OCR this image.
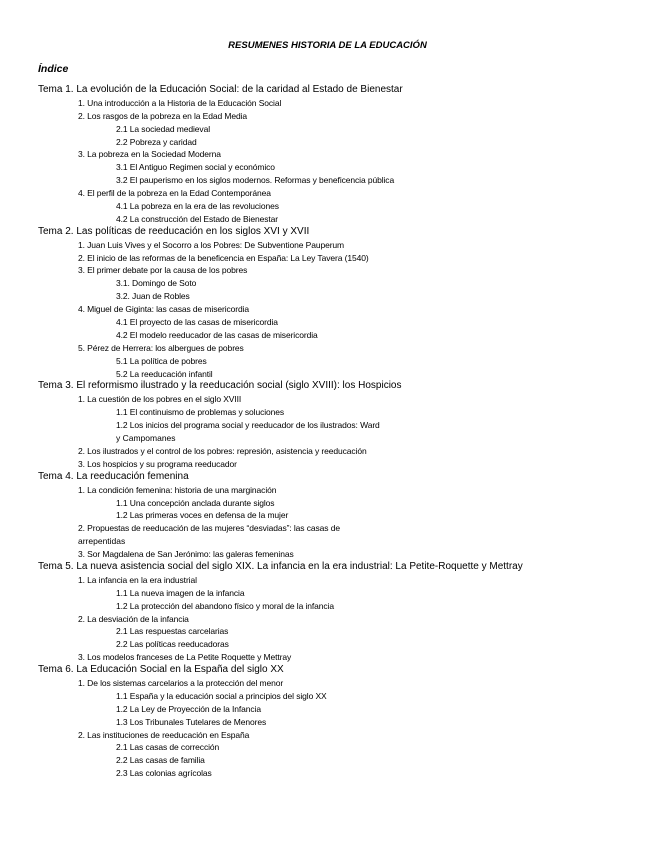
RESUMENES HISTORIA DE LA EDUCACIÓN
Índice
Tema 1. La evolución de la Educación Social: de la caridad al Estado de Bienestar
1. Una introducción a la Historia de la Educación Social
2. Los rasgos de la pobreza en la Edad Media
2.1 La sociedad medieval
2.2 Pobreza y caridad
3. La pobreza en la Sociedad Moderna
3.1 El Antiguo Regimen social y económico
3.2 El pauperismo en los siglos modernos. Reformas y beneficencia pública
4. El perfil de la pobreza en la Edad Contemporánea
4.1 La pobreza en la era de las revoluciones
4.2 La construcción del Estado de Bienestar
Tema 2. Las políticas de reeducación en los siglos XVI y XVII
1. Juan Luis Vives y el Socorro a los Pobres: De Subventione Pauperum
2. El inicio de las reformas de la beneficencia en España: La Ley Tavera (1540)
3. El primer debate por la causa de los pobres
3.1. Domingo de Soto
3.2. Juan de Robles
4. Miguel de Giginta: las casas de misericordia
4.1 El proyecto de las casas de misericordia
4.2 El modelo reeducador de las casas de misericordia
5. Pérez de Herrera: los albergues de pobres
5.1 La política de pobres
5.2 La reeducación infantil
Tema 3. El reformismo ilustrado y la reeducación social (siglo XVIII): los Hospicios
1. La cuestión de los pobres en el siglo XVIII
1.1 El continuismo de problemas y soluciones
1.2 Los inicios del programa social y reeducador de los ilustrados: Ward
y Campomanes
2. Los ilustrados y el control de los pobres: represión, asistencia y reeducación
3. Los hospicios y su programa reeducador
Tema 4. La reeducación femenina
1. La condición femenina: historia de una marginación
1.1 Una concepción anclada durante siglos
1.2 Las primeras voces en defensa de la mujer
2. Propuestas de reeducación de las mujeres “desviadas”: las casas de
arrepentidas
3. Sor Magdalena de San Jerónimo: las galeras femeninas
Tema 5. La nueva asistencia social del siglo XIX. La infancia en la era industrial: La Petite-Roquette y Mettray
1. La infancia en la era industrial
1.1 La nueva imagen de la infancia
1.2 La protección del abandono físico y moral de la infancia
2. La desviación de la infancia
2.1 Las respuestas carcelarias
2.2 Las políticas reeducadoras
3. Los modelos franceses de La Petite Roquette y Mettray
Tema 6. La Educación Social en la España del siglo XX
1. De los sistemas carcelarios a la protección del menor
1.1 España y la educación social a principios del siglo XX
1.2 La Ley de Proyección de la Infancia
1.3 Los Tribunales Tutelares de Menores
2. Las instituciones de reeducación en España
2.1 Las casas de corrección
2.2 Las casas de familia
2.3 Las colonias agrícolas
